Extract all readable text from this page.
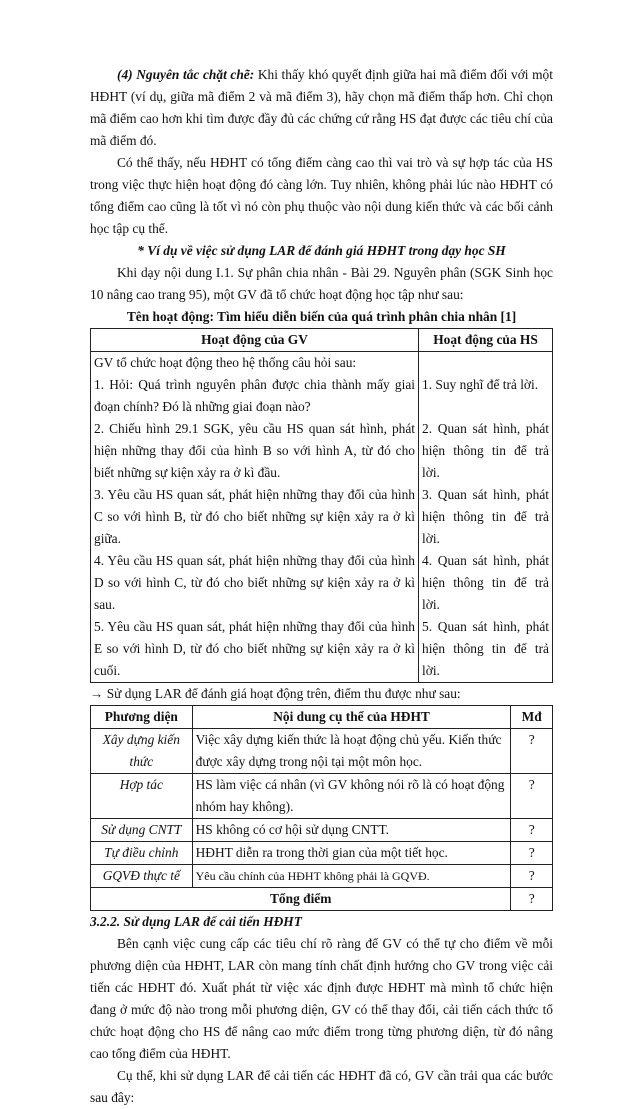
(4) Nguyên tắc chặt chẽ: Khi thấy khó quyết định giữa hai mã điểm đối với một HĐHT (ví dụ, giữa mã điểm 2 và mã điểm 3), hãy chọn mã điểm thấp hơn. Chỉ chọn mã điểm cao hơn khi tìm được đầy đủ các chứng cứ rằng HS đạt được các tiêu chí của mã điểm đó.

Có thể thấy, nếu HĐHT có tổng điểm càng cao thì vai trò và sự hợp tác của HS trong việc thực hiện hoạt động đó càng lớn. Tuy nhiên, không phải lúc nào HĐHT có tổng điểm cao cũng là tốt vì nó còn phụ thuộc vào nội dung kiến thức và các bối cảnh học tập cụ thể.

* Ví dụ về việc sử dụng LAR để đánh giá HĐHT trong dạy học SH

Khi dạy nội dung I.1. Sự phân chia nhân - Bài 29. Nguyên phân (SGK Sinh học 10 nâng cao trang 95), một GV đã tổ chức hoạt động học tập như sau:

Tên hoạt động: Tìm hiểu diễn biến của quá trình phân chia nhân [1]

Hoạt động của GV	Hoạt động của HS
GV tổ chức hoạt động theo hệ thống câu hỏi sau:	
1. Hỏi: Quá trình nguyên phân được chia thành mấy giai đoạn chính? Đó là những giai đoạn nào?	1. Suy nghĩ để trả lời.
2. Chiếu hình 29.1 SGK, yêu cầu HS quan sát hình, phát hiện những thay đổi của hình B so với hình A, từ đó cho biết những sự kiện xảy ra ở kì đầu.	2. Quan sát hình, phát hiện thông tin để trả lời.
3. Yêu cầu HS quan sát, phát hiện những thay đổi của hình C so với hình B, từ đó cho biết những sự kiện xảy ra ở kì giữa.	3. Quan sát hình, phát hiện thông tin để trả lời.
4. Yêu cầu HS quan sát, phát hiện những thay đổi của hình D so với hình C, từ đó cho biết những sự kiện xảy ra ở kì sau.	4. Quan sát hình, phát hiện thông tin để trả lời.
5. Yêu cầu HS quan sát, phát hiện những thay đổi của hình E so với hình D, từ đó cho biết những sự kiện xảy ra ở kì cuối.	5. Quan sát hình, phát hiện thông tin để trả lời.

→ Sử dụng LAR để đánh giá hoạt động trên, điểm thu được như sau:

Phương diện	Nội dung cụ thể của HĐHT	Mđ
Xây dựng kiến thức	Việc xây dựng kiến thức là hoạt động chủ yếu. Kiến thức được xây dựng trong nội tại một môn học.	?
Hợp tác	HS làm việc cá nhân (vì GV không nói rõ là có hoạt động nhóm hay không).	?
Sử dụng CNTT	HS không có cơ hội sử dụng CNTT.	?
Tự điều chỉnh	HĐHT diễn ra trong thời gian của một tiết học.	?
GQVĐ thực tế	Yêu cầu chính của HĐHT không phải là GQVĐ.	?
Tổng điểm		?

3.2.2. Sử dụng LAR để cải tiến HĐHT

Bên cạnh việc cung cấp các tiêu chí rõ ràng để GV có thể tự cho điểm về mỗi phương diện của HĐHT, LAR còn mang tính chất định hướng cho GV trong việc cải tiến các HĐHT đó. Xuất phát từ việc xác định được HĐHT mà mình tổ chức hiện đang ở mức độ nào trong mỗi phương diện, GV có thể thay đổi, cải tiến cách thức tổ chức hoạt động cho HS để nâng cao mức điểm trong từng phương diện, từ đó nâng cao tổng điểm của HĐHT.

Cụ thể, khi sử dụng LAR để cải tiến các HĐHT đã có, GV cần trải qua các bước sau đây:
